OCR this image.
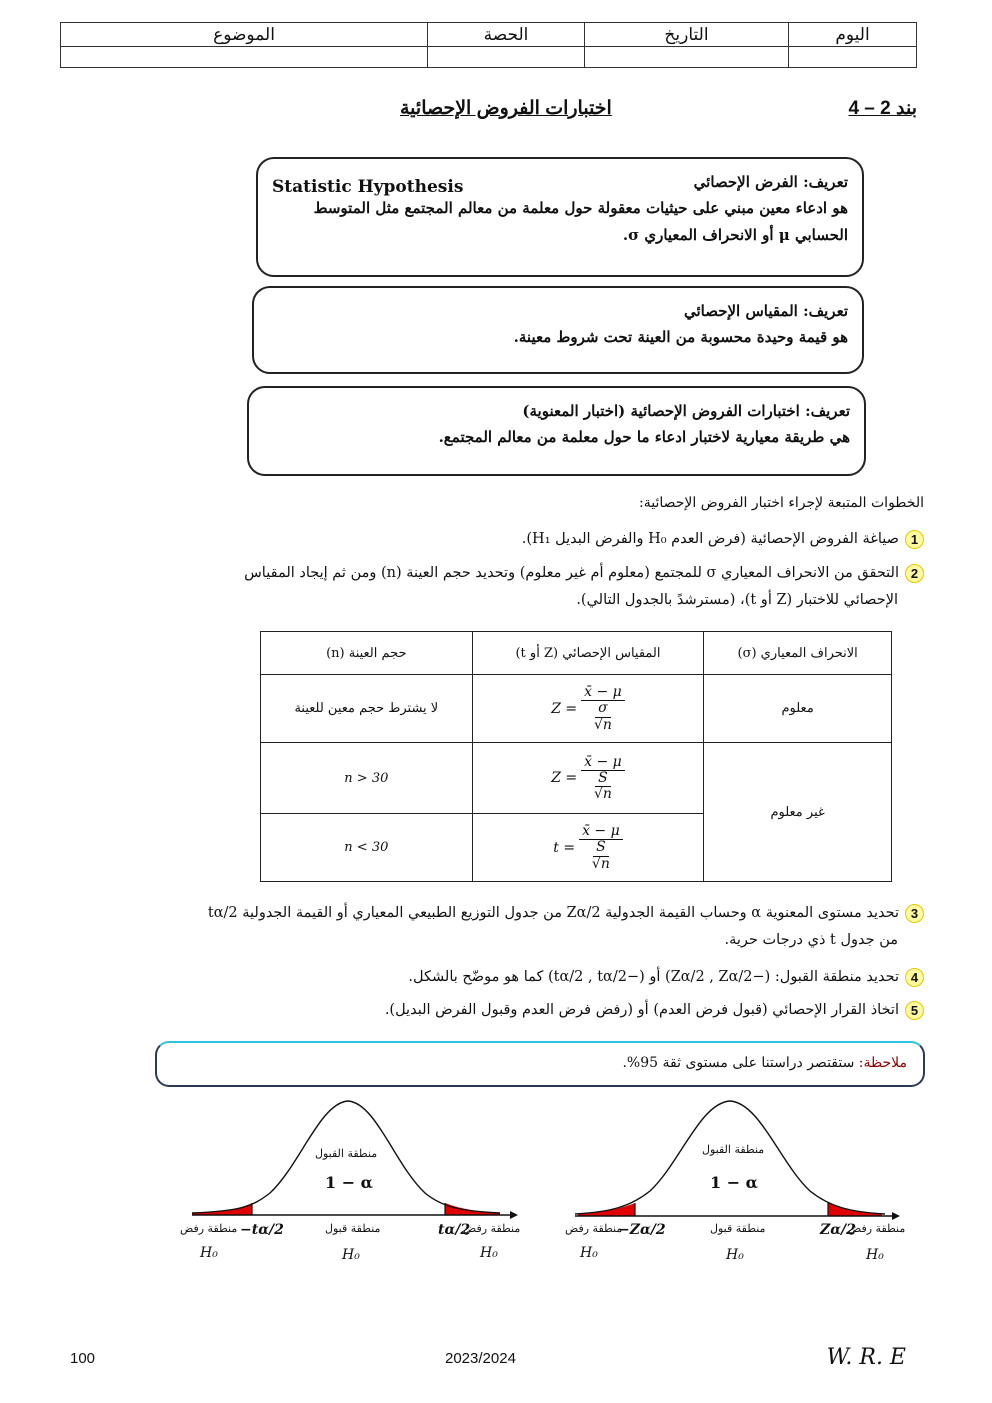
اليوم	التاريخ	الحصة	الموضوع

بند 2 – 4
اختبارات الفروض الإحصائية
تعريف: الفرض الإحصائي
Statistic Hypothesis
هو ادعاء معين مبني على حيثيات معقولة حول معلمة من معالم المجتمع مثل المتوسط الحسابي μ أو الانحراف المعياري σ.
تعريف: المقياس الإحصائي
هو قيمة وحيدة محسوبة من العينة تحت شروط معينة.
تعريف: اختبارات الفروض الإحصائية (اختبار المعنوية)
هي طريقة معيارية لاختبار ادعاء ما حول معلمة من معالم المجتمع.
الخطوات المتبعة لإجراء اختبار الفروض الإحصائية:
1صياغة الفروض الإحصائية (فرض العدم H₀ والفرض البديل H₁).
2التحقق من الانحراف المعياري σ للمجتمع (معلوم أم غير معلوم) وتحديد حجم العينة (n) ومن ثم إيجاد المقياس
الإحصائي للاختبار (Z أو t)، (مسترشدً بالجدول التالي).
الانحراف المعياري (σ)	المقياس الإحصائي (Z أو t)	حجم العينة (n)
معلوم	Z = x̄ − μ
σ
√n	لا يشترط حجم معين للعينة
غير معلوم	Z = x̄ − μ
S
√n	n > 30

	t = x̄ − μ
S
√n	n < 30
3تحديد مستوى المعنوية α وحساب القيمة الجدولية Zα/2 من جدول التوزيع الطبيعي المعياري أو القيمة الجدولية tα/2
من جدول t ذي درجات حرية.
4تحديد منطقة القبول: (−Zα/2 , Zα/2) أو (−tα/2 , tα/2) كما هو موضّح بالشكل.
5اتخاذ القرار الإحصائي (قبول فرض العدم) أو (رفض فرض العدم وقبول الفرض البديل).
ملاحظة: ستقتصر دراستنا على مستوى ثقة 95%.
منطقة القبول
1 − α
منطقة رفض −tα/2	منطقة قبول	tα/2
منطقة رفض
H₀	H₀	H₀
منطقة القبول
1 − α
منطقة رفض
−Zα/2	منطقة قبول	Zα/2
منطقة رفض
H₀	H₀	H₀
100	2023/2024	W. R. E
